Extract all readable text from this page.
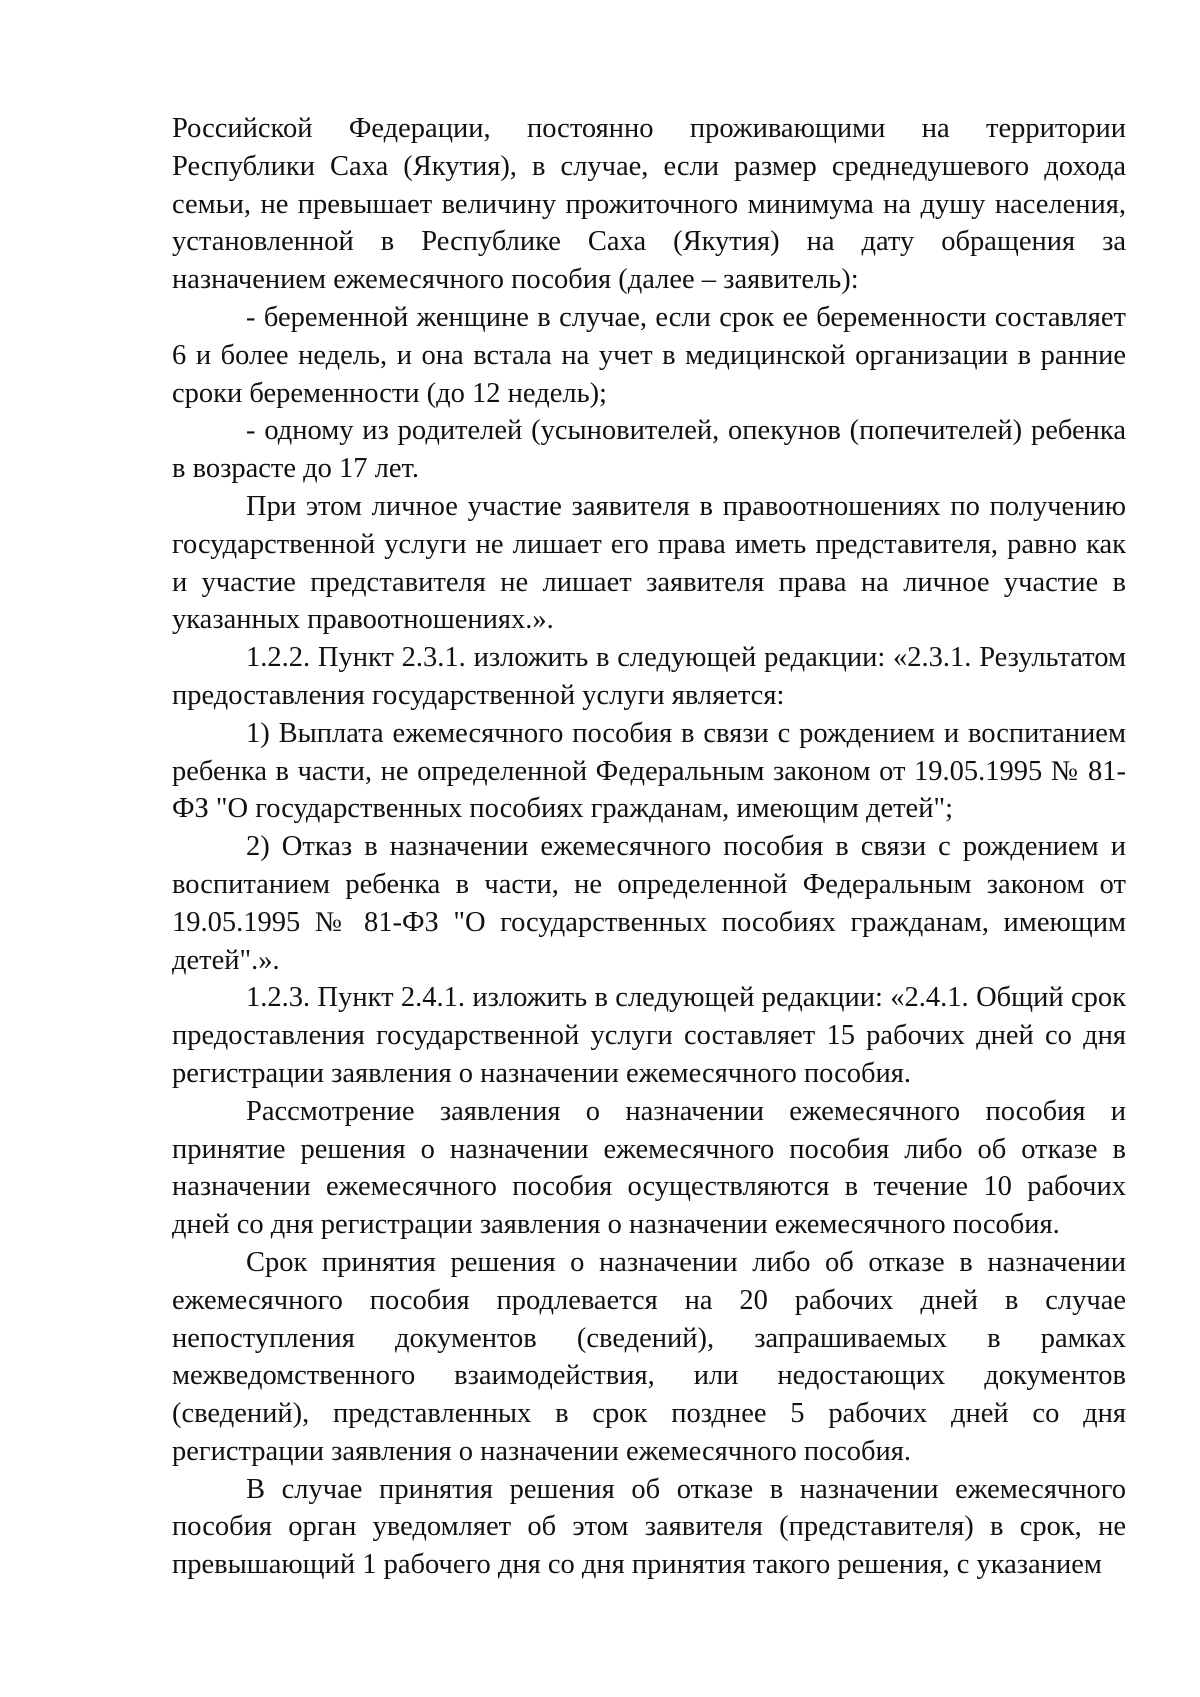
Российской Федерации, постоянно проживающими на территории Республики Саха (Якутия), в случае, если размер среднедушевого дохода семьи, не превышает величину прожиточного минимума на душу населения, установленной в Республике Саха (Якутия) на дату обращения за назначением ежемесячного пособия (далее – заявитель):

- беременной женщине в случае, если срок ее беременности составляет 6 и более недель, и она встала на учет в медицинской организации в ранние сроки беременности (до 12 недель);

- одному из родителей (усыновителей, опекунов (попечителей) ребенка в возрасте до 17 лет.

При этом личное участие заявителя в правоотношениях по получению государственной услуги не лишает его права иметь представителя, равно как и участие представителя не лишает заявителя права на личное участие в указанных правоотношениях.».

1.2.2. Пункт 2.3.1. изложить в следующей редакции: «2.3.1. Результатом предоставления государственной услуги является:

1) Выплата ежемесячного пособия в связи с рождением и воспитанием ребенка в части, не определенной Федеральным законом от 19.05.1995 № 81-ФЗ "О государственных пособиях гражданам, имеющим детей";

2) Отказ в назначении ежемесячного пособия в связи с рождением и воспитанием ребенка в части, не определенной Федеральным законом от 19.05.1995 № 81-ФЗ "О государственных пособиях гражданам, имеющим детей".».

1.2.3. Пункт 2.4.1. изложить в следующей редакции: «2.4.1. Общий срок предоставления государственной услуги составляет 15 рабочих дней со дня регистрации заявления о назначении ежемесячного пособия.

Рассмотрение заявления о назначении ежемесячного пособия и принятие решения о назначении ежемесячного пособия либо об отказе в назначении ежемесячного пособия осуществляются в течение 10 рабочих дней со дня регистрации заявления о назначении ежемесячного пособия.

Срок принятия решения о назначении либо об отказе в назначении ежемесячного пособия продлевается на 20 рабочих дней в случае непоступления документов (сведений), запрашиваемых в рамках межведомственного взаимодействия, или недостающих документов (сведений), представленных в срок позднее 5 рабочих дней со дня регистрации заявления о назначении ежемесячного пособия.

В случае принятия решения об отказе в назначении ежемесячного пособия орган уведомляет об этом заявителя (представителя) в срок, не превышающий 1 рабочего дня со дня принятия такого решения, с указанием
